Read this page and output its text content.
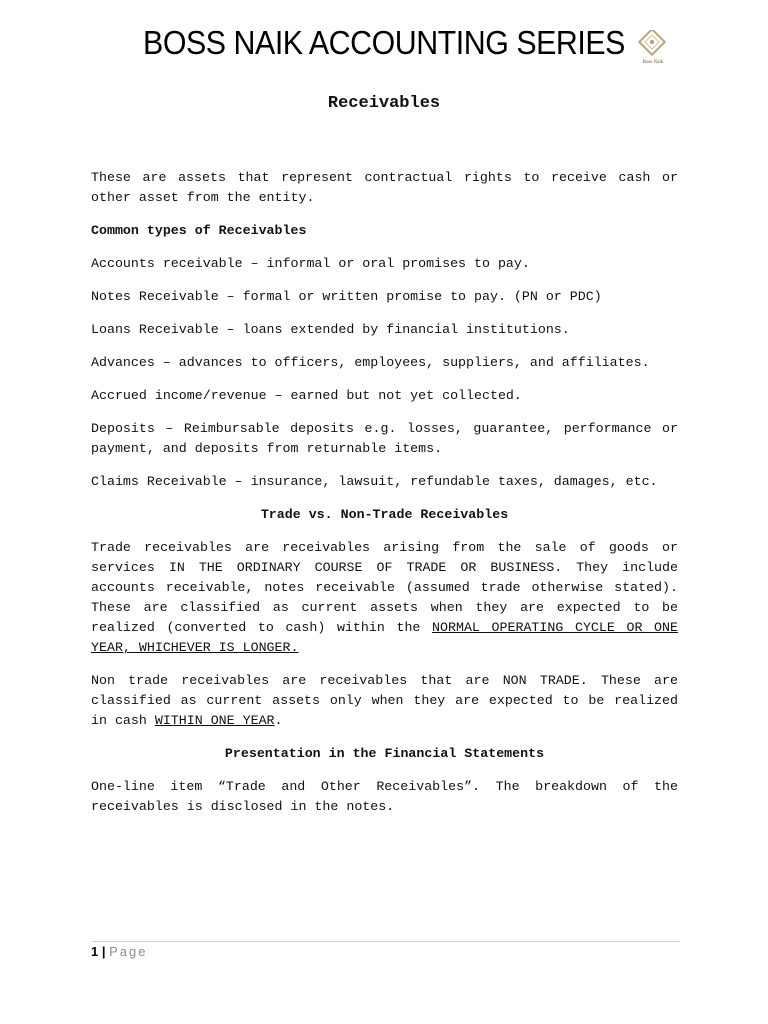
BOSS NAIK ACCOUNTING SERIES
Boss Naik
Receivables

These are assets that represent contractual rights to receive cash or other asset from the entity.

Common types of Receivables

Accounts receivable – informal or oral promises to pay.

Notes Receivable – formal or written promise to pay. (PN or PDC)

Loans Receivable – loans extended by financial institutions.

Advances – advances to officers, employees, suppliers, and affiliates.

Accrued income/revenue – earned but not yet collected.

Deposits – Reimbursable deposits e.g. losses, guarantee, performance or payment, and deposits from returnable items.

Claims Receivable – insurance, lawsuit, refundable taxes, damages, etc.

Trade vs. Non-Trade Receivables

Trade receivables are receivables arising from the sale of goods or services IN THE ORDINARY COURSE OF TRADE OR BUSINESS. They include accounts receivable, notes receivable (assumed trade otherwise stated). These are classified as current assets when they are expected to be realized (converted to cash) within the NORMAL OPERATING CYCLE OR ONE YEAR, WHICHEVER IS LONGER.

Non trade receivables are receivables that are NON TRADE. These are classified as current assets only when they are expected to be realized in cash WITHIN ONE YEAR.

Presentation in the Financial Statements

One-line item “Trade and Other Receivables”. The breakdown of the receivables is disclosed in the notes.

1 | Page
